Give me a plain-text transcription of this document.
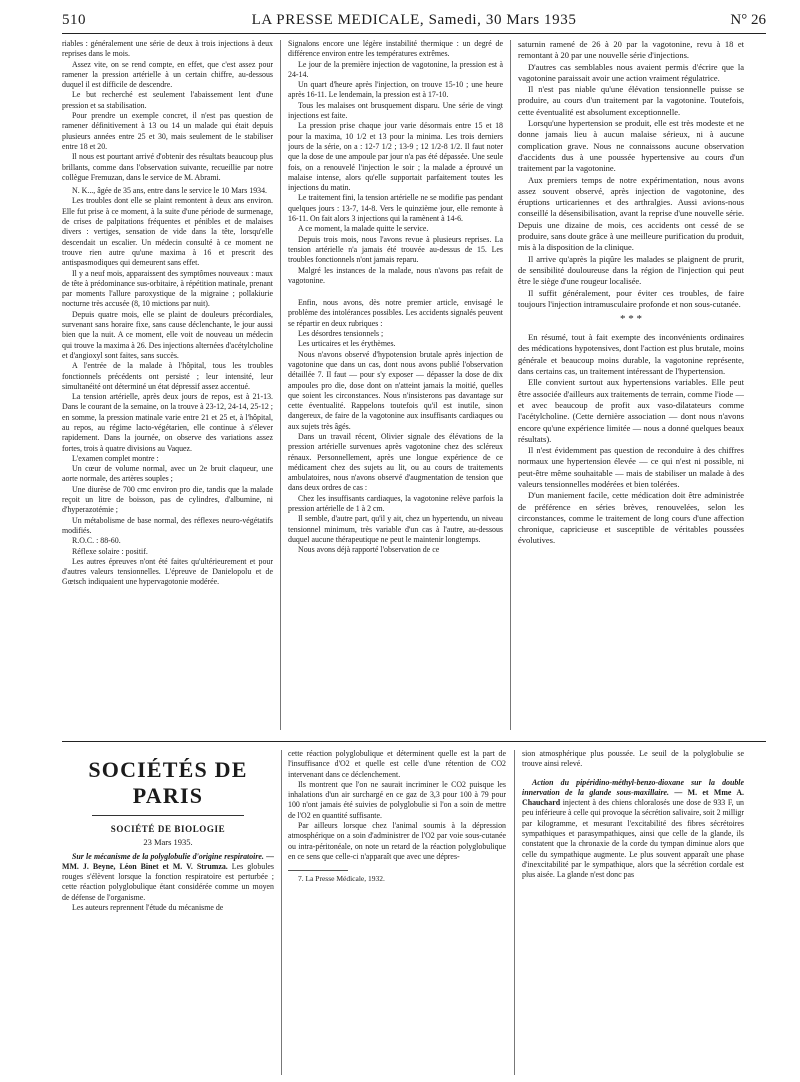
510	LA PRESSE MEDICALE, Samedi, 30 Mars 1935	N° 26

riables : généralement une série de deux à trois injections à deux reprises dans le mois.

Assez vite, on se rend compte, en effet, que c'est assez pour ramener la pression artérielle à un certain chiffre, au-dessous duquel il est difficile de descendre.

Le but recherché est seulement l'abaissement lent d'une pression et sa stabilisation.

Pour prendre un exemple concret, il n'est pas question de ramener définitivement à 13 ou 14 un malade qui était depuis plusieurs années entre 25 et 30, mais seulement de le stabiliser entre 18 et 20.

Il nous est pourtant arrivé d'obtenir des résultats beaucoup plus brillants, comme dans l'observation suivante, recueillie par notre collègue Fremuzan, dans le service de M. Abrami.

N. K..., âgée de 35 ans, entre dans le service le 10 Mars 1934.

Les troubles dont elle se plaint remontent à deux ans environ. Elle fut prise à ce moment, à la suite d'une période de surmenage, de crises de palpitations fréquentes et pénibles et de malaises divers : vertiges, sensation de vide dans la tête, lorsqu'elle descendait un escalier. Un médecin consulté à ce moment ne trouve rien autre qu'une maxima à 16 et prescrit des antispasmodiques qui demeurent sans effet.

Il y a neuf mois, apparaissent des symptômes nouveaux : maux de tête à prédominance sus-orbitaire, à répétition matinale, prenant par moments l'allure paroxystique de la migraine ; pollakiurie nocturne très accusée (8, 10 mictions par nuit).

Depuis quatre mois, elle se plaint de douleurs précordiales, survenant sans horaire fixe, sans cause déclenchante, le jour aussi bien que la nuit. A ce moment, elle voit de nouveau un médecin qui trouve la maxima à 26. Des injections alternées d'acétylcholine et d'angioxyl sont faites, sans succès.

A l'entrée de la malade à l'hôpital, tous les troubles fonctionnels précédents ont persisté ; leur intensité, leur simultanéité ont déterminé un état dépressif assez accentué.

La tension artérielle, après deux jours de repos, est à 21-13. Dans le courant de la semaine, on la trouve à 23-12, 24-14, 25-12 ; en somme, la pression matinale varie entre 21 et 25 et, à l'hôpital, au repos, au régime lacto-végétarien, elle continue à s'élever rapidement. Dans la journée, on observe des variations assez fortes, trois à quatre divisions au Vaquez.

L'examen complet montre :

Un cœur de volume normal, avec un 2e bruit claqueur, une aorte normale, des artères souples ;

Une diurèse de 700 cmc environ pro die, tandis que la malade reçoit un litre de boisson, pas de cylindres, d'albumine, ni d'hyperazotémie ;

Un métabolisme de base normal, des réflexes neuro-végétatifs modifiés.

R.O.C. : 88-60.

Réflexe solaire : positif.

Les autres épreuves n'ont été faites qu'ultérieurement et pour d'autres valeurs tensionnelles. L'épreuve de Danielopolu et de Gœtsch indiquaient une hypervagotonie modérée.

Signalons encore une légère instabilité thermique : un degré de différence environ entre les températures extrêmes.

Le jour de la première injection de vagotonine, la pression est à 24-14.

Un quart d'heure après l'injection, on trouve 15-10 ; une heure après 16-11. Le lendemain, la pression est à 17-10.

Tous les malaises ont brusquement disparu. Une série de vingt injections est faite.

La pression prise chaque jour varie désormais entre 15 et 18 pour la maxima, 10 1/2 et 13 pour la minima. Les trois derniers jours de la série, on a : 12-7 1/2 ; 13-9 ; 12 1/2-8 1/2. Il faut noter que la dose de une ampoule par jour n'a pas été dépassée. Une seule fois, on a renouvelé l'injection le soir ; la malade a éprouvé un malaise intense, alors qu'elle supportait parfaitement toutes les injections du matin.

Le traitement fini, la tension artérielle ne se modifie pas pendant quelques jours : 13-7, 14-8. Vers le quinzième jour, elle remonte à 16-11. On fait alors 3 injections qui la ramènent à 14-6.

A ce moment, la malade quitte le service.

Depuis trois mois, nous l'avons revue à plusieurs reprises. La tension artérielle n'a jamais été trouvée au-dessus de 15. Les troubles fonctionnels n'ont jamais reparu.

Malgré les instances de la malade, nous n'avons pas refait de vagotonine.

Enfin, nous avons, dès notre premier article, envisagé le problème des intolérances possibles. Les accidents signalés peuvent se répartir en deux rubriques :

Les désordres tensionnels ;

Les urticaires et les érythèmes.

Nous n'avons observé d'hypotension brutale après injection de vagotonine que dans un cas, dont nous avons publié l'observation détaillée 7. Il faut — pour s'y exposer — dépasser la dose de dix ampoules pro die, dose dont on n'atteint jamais la moitié, quelles que soient les circonstances. Nous n'insisterons pas davantage sur cette éventualité. Rappelons toutefois qu'il est inutile, sinon dangereux, de faire de la vagotonine aux insuffisants cardiaques ou aux sujets très âgés.

Dans un travail récent, Olivier signale des élévations de la pression artérielle survenues après vagotonine chez des scléreux rénaux. Personnellement, après une longue expérience de ce médicament chez des sujets au lit, ou au cours de traitements ambulatoires, nous n'avons observé d'augmentation de tension que dans deux ordres de cas :

Chez les insuffisants cardiaques, la vagotonine relève parfois la pression artérielle de 1 à 2 cm.

Il semble, d'autre part, qu'il y ait, chez un hypertendu, un niveau tensionnel minimum, très variable d'un cas à l'autre, au-dessous duquel aucune thérapeutique ne peut le maintenir longtemps.

Nous avons déjà rapporté l'observation de ce

saturnin ramené de 26 à 20 par la vagotonine, revu à 18 et remontant à 20 par une nouvelle série d'injections.

D'autres cas semblables nous avaient permis d'écrire que la vagotonine paraissait avoir une action vraiment régulatrice.

Il n'est pas niable qu'une élévation tensionnelle puisse se produire, au cours d'un traitement par la vagotonine. Toutefois, cette éventualité est absolument exceptionnelle.

Lorsqu'une hypertension se produit, elle est très modeste et ne donne jamais lieu à aucun malaise sérieux, ni à aucune complication grave. Nous ne connaissons aucune observation d'accidents dus à une poussée hypertensive au cours d'un traitement par la vagotonine.

Aux premiers temps de notre expérimentation, nous avons assez souvent observé, après injection de vagotonine, des éruptions urticariennes et des arthralgies. Aussi avions-nous conseillé la désensibilisation, avant la reprise d'une nouvelle série. Depuis une dizaine de mois, ces accidents ont cessé de se produire, sans doute grâce à une meilleure purification du produit, mis à la disposition de la clinique.

Il arrive qu'après la piqûre les malades se plaignent de prurit, de sensibilité douloureuse dans la région de l'injection qui peut être le siège d'une rougeur localisée.

Il suffit généralement, pour éviter ces troubles, de faire toujours l'injection intramusculaire profonde et non sous-cutanée.

* * *

En résumé, tout à fait exempte des inconvénients ordinaires des médications hypotensives, dont l'action est plus brutale, moins générale et beaucoup moins durable, la vagotonine représente, dans certains cas, un traitement intéressant de l'hypertension.

Elle convient surtout aux hypertensions variables. Elle peut être associée d'ailleurs aux traitements de terrain, comme l'iode — et avec beaucoup de profit aux vaso-dilatateurs comme l'acétylcholine. (Cette dernière association — dont nous n'avons encore qu'une expérience limitée — nous a donné quelques beaux résultats).

Il n'est évidemment pas question de reconduire à des chiffres normaux une hypertension élevée — ce qui n'est ni possible, ni peut-être même souhaitable — mais de stabiliser un malade à des valeurs tensionnelles modérées et bien tolérées.

D'un maniement facile, cette médication doit être administrée de préférence en séries brèves, renouvelées, selon les circonstances, comme le traitement de long cours d'une affection chronique, capricieuse et susceptible de véritables poussées évolutives.

SOCIÉTÉS DE PARIS
SOCIÉTÉ DE BIOLOGIE
23 Mars 1935.

Sur le mécanisme de la polyglobulie d'origine respiratoire. — MM. J. Beyne, Léon Binet et M. V. Strumza. Les globules rouges s'élèvent lorsque la fonction respiratoire est perturbée ; cette réaction polyglobulique étant considérée comme un moyen de défense de l'organisme.

Les auteurs reprennent l'étude du mécanisme de

cette réaction polyglobulique et déterminent quelle est la part de l'insuffisance d'O2 et quelle est celle d'une rétention de CO2 intervenant dans ce déclenchement.

Ils montrent que l'on ne saurait incriminer le CO2 puisque les inhalations d'un air surchargé en ce gaz de 3,3 pour 100 à 79 pour 100 n'ont jamais été suivies de polyglobulie si l'on a soin de mettre de l'O2 en quantité suffisante.

Par ailleurs lorsque chez l'animal soumis à la dépression atmosphérique on a soin d'administrer de l'O2 par voie sous-cutanée ou intra-péritonéale, on note un retard de la réaction polyglobulique en ce sens que celle-ci n'apparaît que avec une dépres-

7. La Presse Médicale, 1932.

sion atmosphérique plus poussée. Le seuil de la polyglobulie se trouve ainsi relevé.

Action du pipéridino-méthyl-benzo-dioxane sur la double innervation de la glande sous-maxillaire. — M. et Mme A. Chauchard injectent à des chiens chloralosés une dose de 933 F, un peu inférieure à celle qui provoque la sécrétion salivaire, soit 2 milligr par kilogramme, et mesurant l'excitabilité des fibres sécrétoires sympathiques et parasympathiques, ainsi que celle de la glande, ils constatent que la chronaxie de la corde du tympan diminue alors que celle du sympathique augmente. Le plus souvent apparaît une phase d'inexcitabilité par le sympathique, alors que la sécrétion cordale est plus aisée. La glande n'est donc pas
